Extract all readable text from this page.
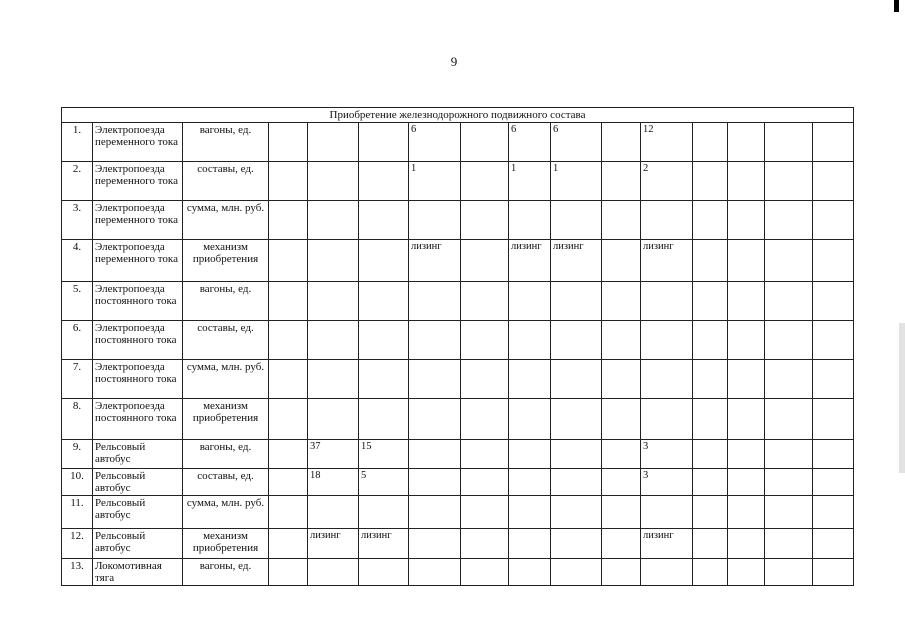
9
Приобретение железнодорожного подвижного состава															
1.	Электропоезда переменного тока	вагоны, ед.				6		6	6		12				
2.	Электропоезда переменного тока	составы, ед.				1		1	1		2				
3.	Электропоезда переменного тока	сумма, млн. руб.													
4.	Электропоезда переменного тока	механизм приобретения				лизинг		лизинг	лизинг		лизинг				
5.	Электропоезда постоянного тока	вагоны, ед.													
6.	Электропоезда постоянного тока	составы, ед.													
7.	Электропоезда постоянного тока	сумма, млн. руб.													
8.	Электропоезда постоянного тока	механизм приобретения													
9.	Рельсовый автобус	вагоны, ед.		37	15						3				
10.	Рельсовый автобус	составы, ед.		18	5						3				
11.	Рельсовый автобус	сумма, млн. руб.													
12.	Рельсовый автобус	механизм приобретения		лизинг	лизинг						лизинг				
13.	Локомотивная тяга	вагоны, ед.													
